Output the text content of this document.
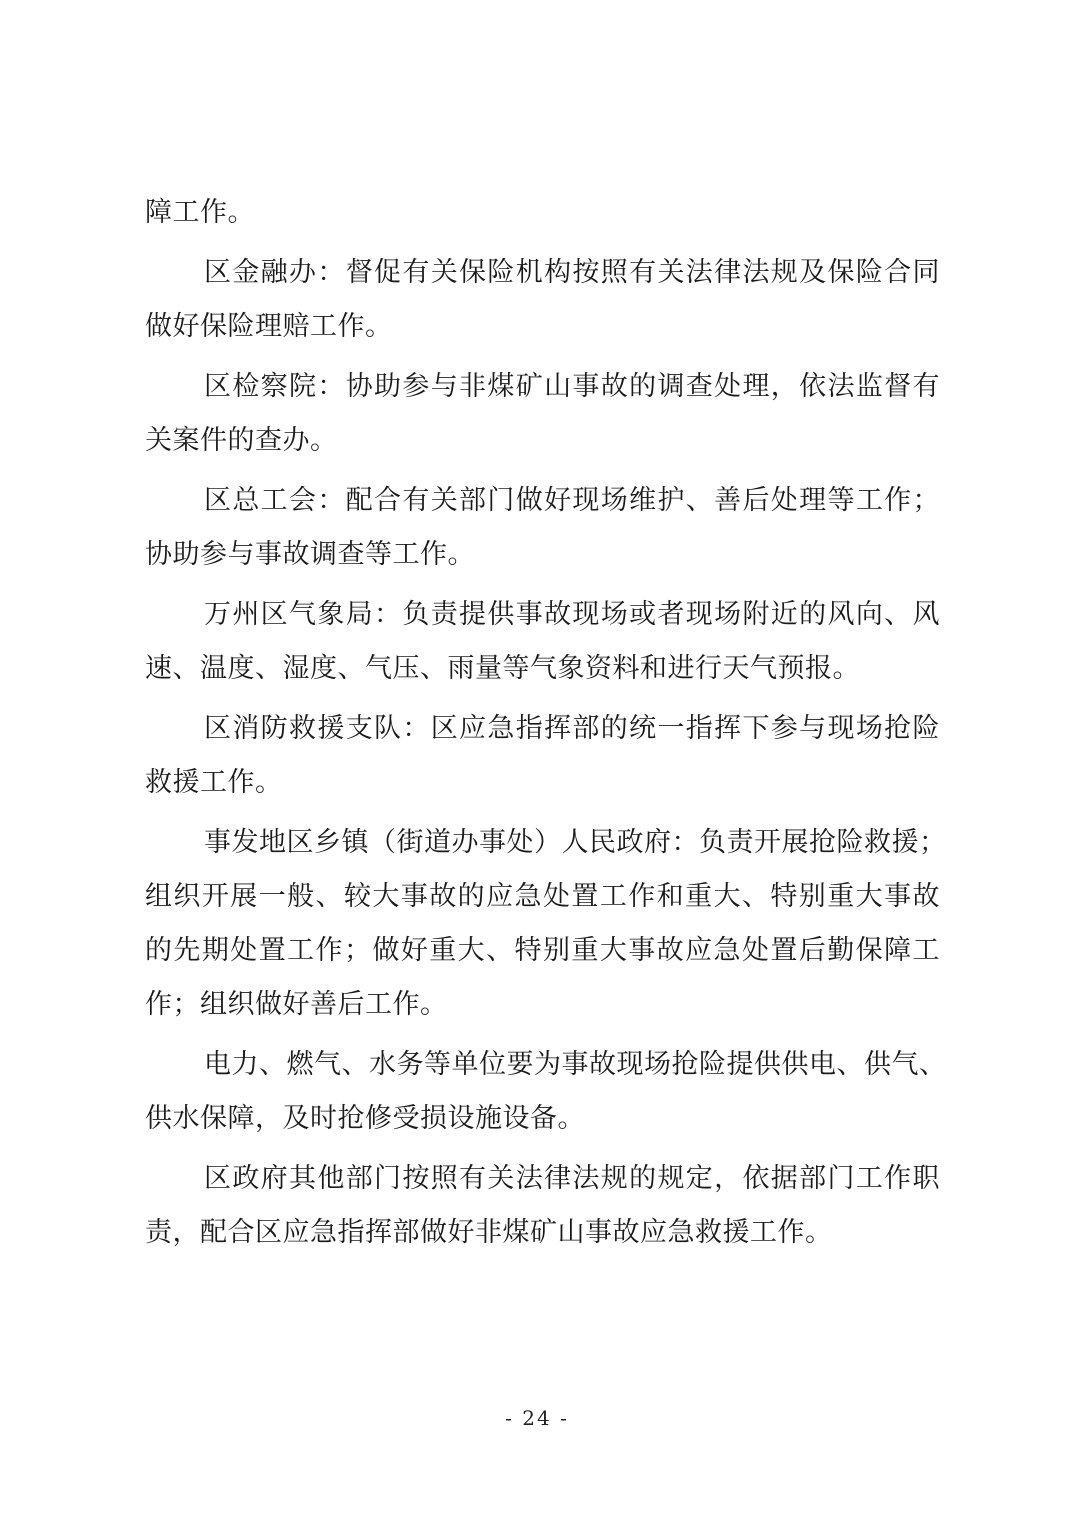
障工作。
区金融办：督促有关保险机构按照有关法律法规及保险合同
做好保险理赔工作。
区检察院：协助参与非煤矿山事故的调查处理，依法监督有
关案件的查办。
区总工会：配合有关部门做好现场维护、善后处理等工作；
协助参与事故调查等工作。
万州区气象局：负责提供事故现场或者现场附近的风向、风
速、温度、湿度、气压、雨量等气象资料和进行天气预报。
区消防救援支队：区应急指挥部的统一指挥下参与现场抢险
救援工作。
事发地区乡镇（街道办事处）人民政府：负责开展抢险救援；
组织开展一般、较大事故的应急处置工作和重大、特别重大事故
的先期处置工作；做好重大、特别重大事故应急处置后勤保障工
作；组织做好善后工作。
电力、燃气、水务等单位要为事故现场抢险提供供电、供气、
供水保障，及时抢修受损设施设备。
区政府其他部门按照有关法律法规的规定，依据部门工作职
责，配合区应急指挥部做好非煤矿山事故应急救援工作。
- 24 -
